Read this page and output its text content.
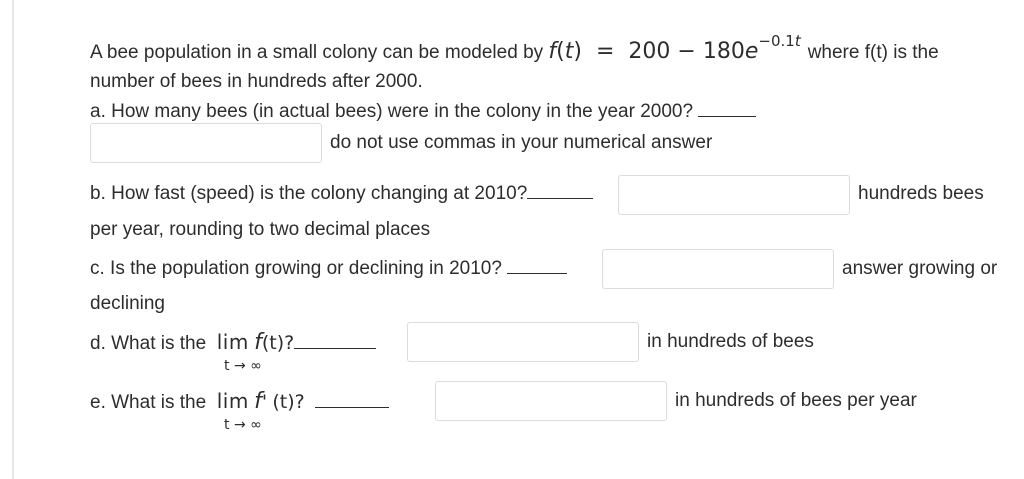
A bee population in a small colony can be modeled by $f(t) = 200 - 180e^{-0.1t}$ where f(t) is the
number of bees in hundreds after 2000.
a. How many bees (in actual bees) were in the colony in the year 2000?
do not use commas in your numerical answer
b. How fast (speed) is the colony changing at 2010?	hundreds bees
per year, rounding to two decimal places
c. Is the population growing or declining in 2010?	answer growing or
declining
d. What is the lim f(t)?
t → ∞
in hundreds of bees
e. What is the lim f' (t)?
t → ∞
in hundreds of bees per year
